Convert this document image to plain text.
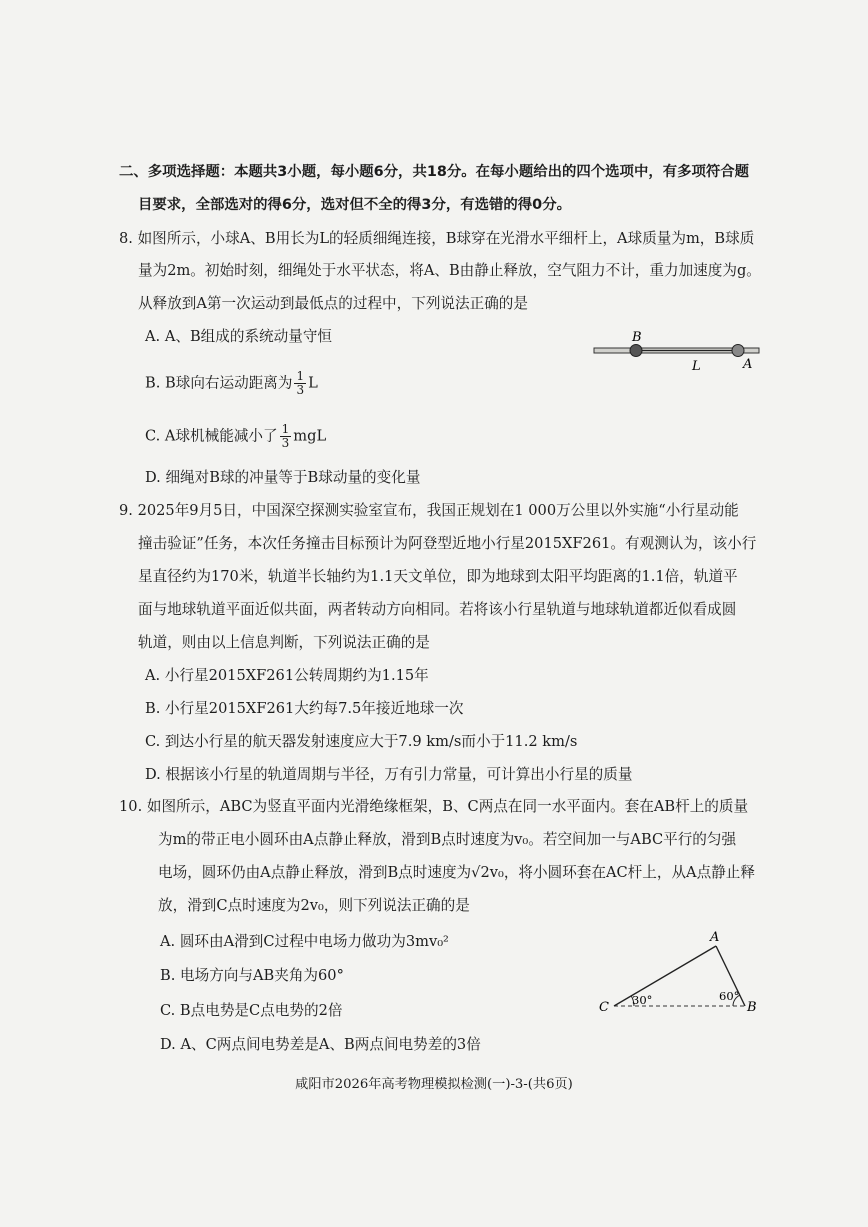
二、多项选择题：本题共3小题，每小题6分，共18分。在每小题给出的四个选项中，有多项符合题
目要求，全部选对的得6分，选对但不全的得3分，有选错的得0分。
8. 如图所示，小球A、B用长为L的轻质细绳连接，B球穿在光滑水平细杆上，A球质量为m，B球质
量为2m。初始时刻，细绳处于水平状态，将A、B由静止释放，空气阻力不计，重力加速度为g。
从释放到A第一次运动到最低点的过程中，下列说法正确的是
A. A、B组成的系统动量守恒
B. B球向右运动距离为 $\frac{1}{3}$ L
C. A球机械能减小了 $\frac{1}{3}$ mgL
D. 细绳对B球的冲量等于B球动量的变化量
B
A
L
9. 2025年9月5日，中国深空探测实验室宣布，我国正规划在1 000万公里以外实施“小行星动能
撞击验证”任务，本次任务撞击目标预计为阿登型近地小行星2015XF261。有观测认为，该小行
星直径约为170米，轨道半长轴约为1.1天文单位，即为地球到太阳平均距离的1.1倍，轨道平
面与地球轨道平面近似共面，两者转动方向相同。若将该小行星轨道与地球轨道都近似看成圆
轨道，则由以上信息判断，下列说法正确的是
A. 小行星2015XF261公转周期约为1.15年
B. 小行星2015XF261大约每7.5年接近地球一次
C. 到达小行星的航天器发射速度应大于7.9 km/s而小于11.2 km/s
D. 根据该小行星的轨道周期与半径，万有引力常量，可计算出小行星的质量
10. 如图所示，ABC为竖直平面内光滑绝缘框架，B、C两点在同一水平面内。套在AB杆上的质量
为m的带正电小圆环由A点静止释放，滑到B点时速度为v₀。若空间加一与ABC平行的匀强
电场，圆环仍由A点静止释放，滑到B点时速度为√2v₀，将小圆环套在AC杆上，从A点静止释
放，滑到C点时速度为2v₀，则下列说法正确的是
A. 圆环由A滑到C过程中电场力做功为3mv₀²
B. 电场方向与AB夹角为60°
C. B点电势是C点电势的2倍
D. A、C两点间电势差是A、B两点间电势差的3倍
A
B
C 30°	60°
咸阳市2026年高考物理模拟检测(一)-3-(共6页)
